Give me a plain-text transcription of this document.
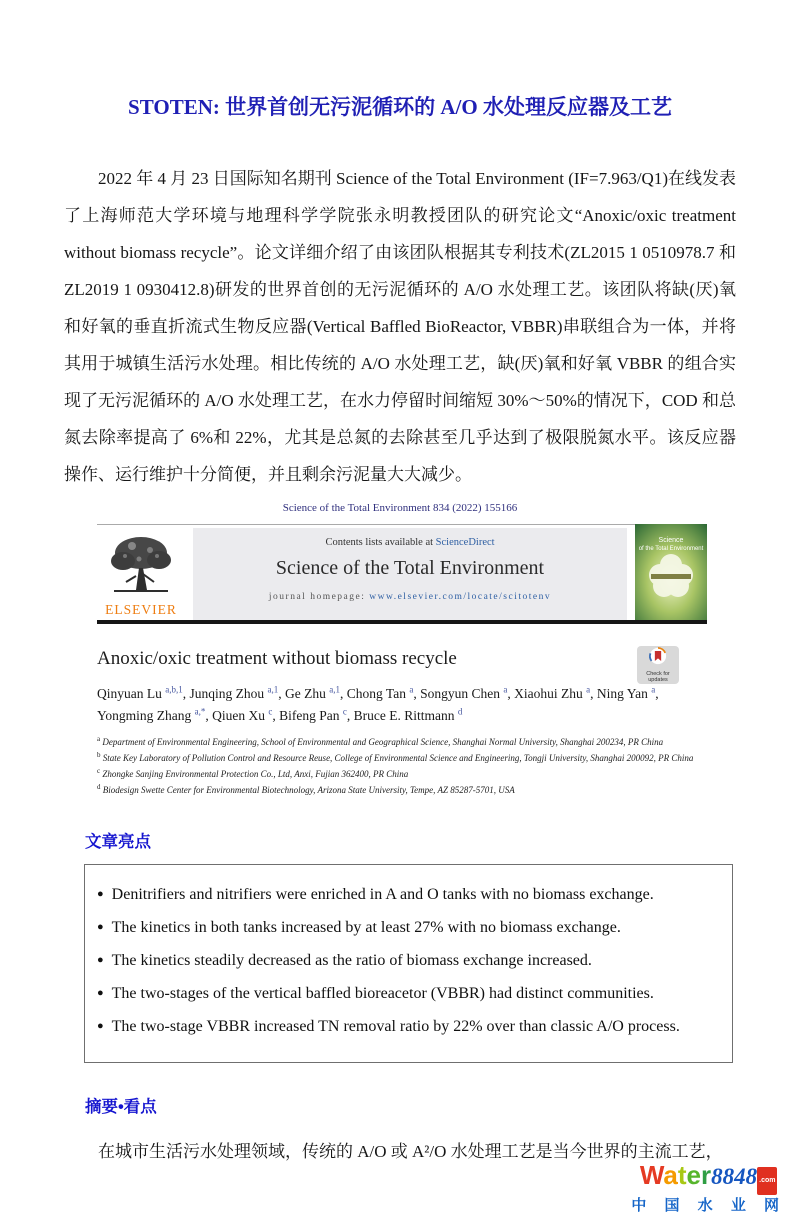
STOTEN: 世界首创无污泥循环的 A/O 水处理反应器及工艺

2022 年 4 月 23 日国际知名期刊 Science of the Total Environment (IF=7.963/Q1)在线发表了上海师范大学环境与地理科学学院张永明教授团队的研究论文“Anoxic/oxic treatment without biomass recycle”。论文详细介绍了由该团队根据其专利技术(ZL2015 1 0510978.7 和 ZL2019 1 0930412.8)研发的世界首创的无污泥循环的 A/O 水处理工艺。该团队将缺(厌)氧和好氧的垂直折流式生物反应器(Vertical Baffled BioReactor, VBBR)串联组合为一体，并将其用于城镇生活污水处理。相比传统的 A/O 水处理工艺，缺(厌)氧和好氧 VBBR 的组合实现了无污泥循环的 A/O 水处理工艺，在水力停留时间缩短 30%～50%的情况下，COD 和总氮去除率提高了 6%和 22%，尤其是总氮的去除甚至几乎达到了极限脱氮水平。该反应器操作、运行维护十分简便，并且剩余污泥量大大减少。

Science of the Total Environment 834 (2022) 155166
ELSEVIER
Contents lists available at ScienceDirect
Science of the Total Environment
journal homepage: www.elsevier.com/locate/scitotenv
Science
of the Total Environment
Anoxic/oxic treatment without biomass recycle
Check for
updates
Qinyuan Lu $^{a,b,1}$, Junqing Zhou $^{a,1}$, Ge Zhu $^{a,1}$, Chong Tan $^a$, Songyun Chen $^a$, Xiaohui Zhu $^a$, Ning Yan $^a$, Yongming Zhang $^{a,*}$, Qiuen Xu $^c$, Bifeng Pan $^c$, Bruce E. Rittmann $^d$
$^a$ Department of Environmental Engineering, School of Environmental and Geographical Science, Shanghai Normal University, Shanghai 200234, PR China
$^b$ State Key Laboratory of Pollution Control and Resource Reuse, College of Environmental Science and Engineering, Tongji University, Shanghai 200092, PR China
$^c$ Zhongke Sanjing Environmental Protection Co., Ltd, Anxi, Fujian 362400, PR China
$^d$ Biodesign Swette Center for Environmental Biotechnology, Arizona State University, Tempe, AZ 85287-5701, USA
文章亮点
● Denitrifiers and nitrifiers were enriched in A and O tanks with no biomass exchange.
● The kinetics in both tanks increased by at least 27% with no biomass exchange.
● The kinetics steadily decreased as the ratio of biomass exchange increased.
● The two-stages of the vertical baffled bioreacetor (VBBR) had distinct communities.
● The two-stage VBBR increased TN removal ratio by 22% over than classic A/O process.
摘要•看点

在城市生活污水处理领域，传统的 A/O 或 A²/O 水处理工艺是当今世界的主流工艺，

Water8848 .com
中 国 水 业 网
